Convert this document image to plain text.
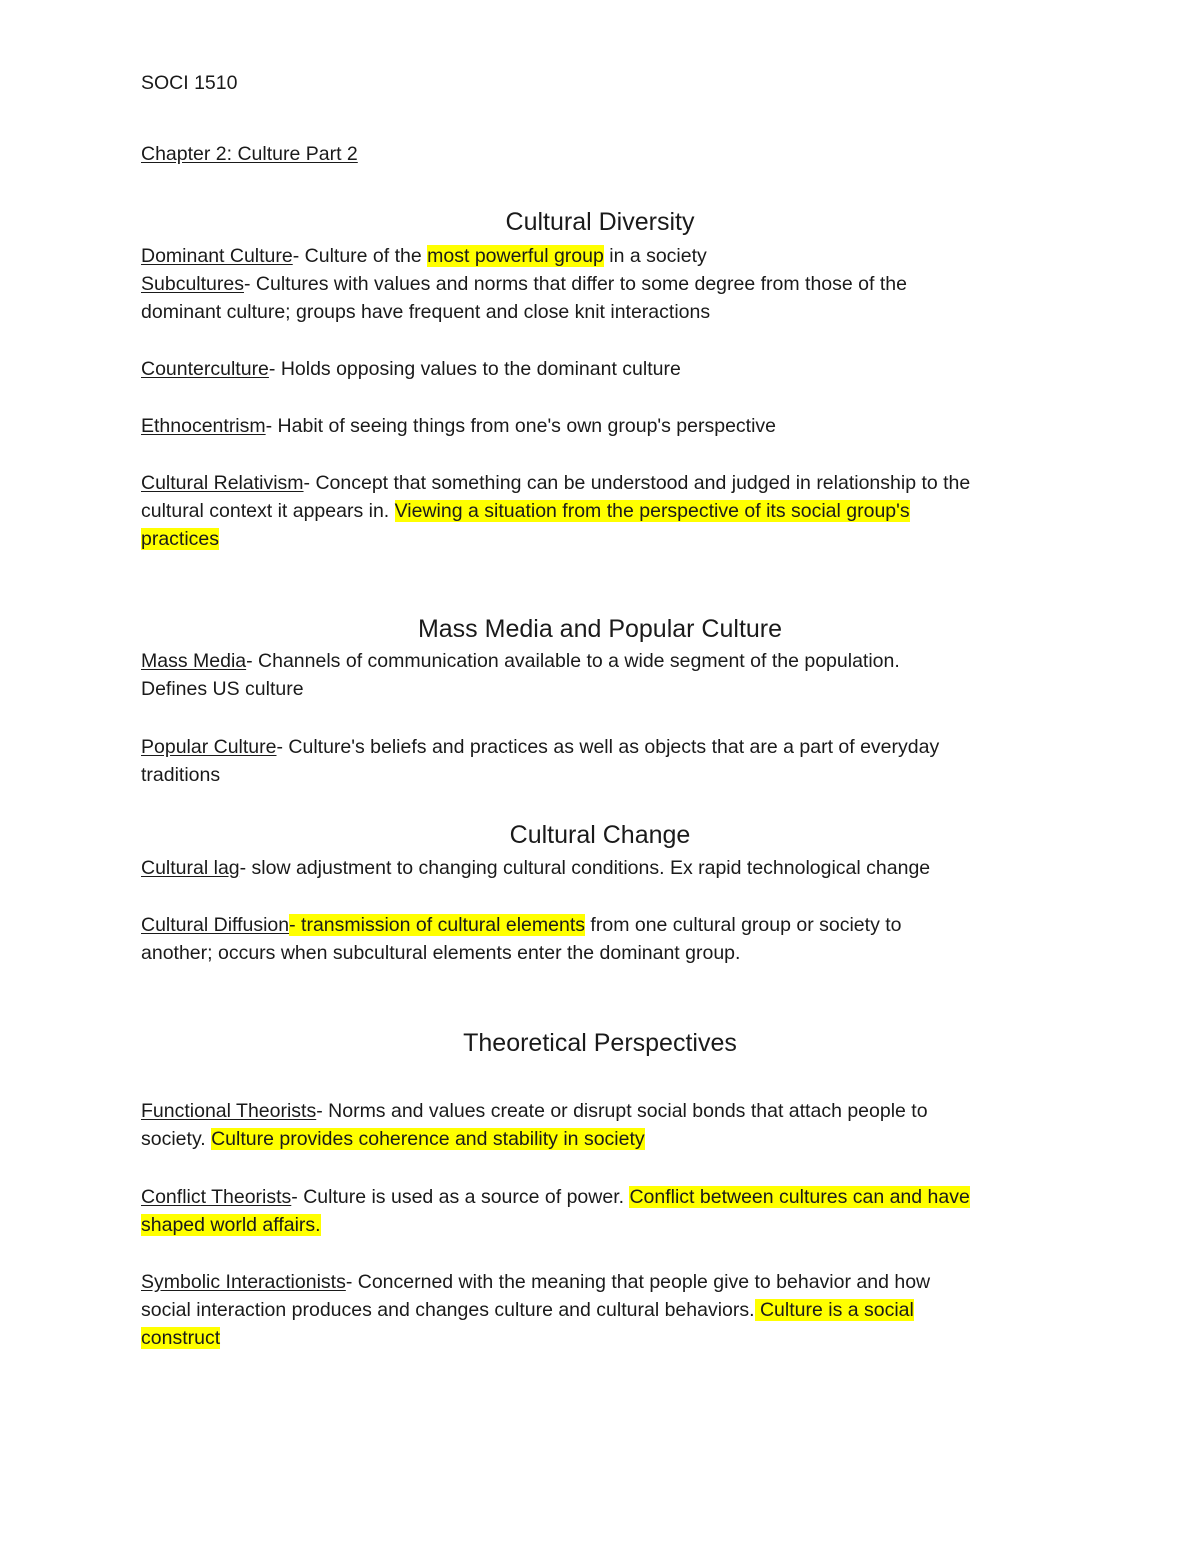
SOCI 1510
Chapter 2: Culture Part 2
Cultural Diversity
Dominant Culture- Culture of the most powerful group in a society
Subcultures- Cultures with values and norms that differ to some degree from those of the
dominant culture; groups have frequent and close knit interactions
Counterculture- Holds opposing values to the dominant culture
Ethnocentrism- Habit of seeing things from one's own group's perspective
Cultural Relativism- Concept that something can be understood and judged in relationship to the
cultural context it appears in. Viewing a situation from the perspective of its social group's
practices
Mass Media and Popular Culture
Mass Media- Channels of communication available to a wide segment of the population.
Defines US culture
Popular Culture- Culture's beliefs and practices as well as objects that are a part of everyday
traditions
Cultural Change
Cultural lag- slow adjustment to changing cultural conditions. Ex rapid technological change
Cultural Diffusion- transmission of cultural elements from one cultural group or society to
another; occurs when subcultural elements enter the dominant group.
Theoretical Perspectives
Functional Theorists- Norms and values create or disrupt social bonds that attach people to
society. Culture provides coherence and stability in society
Conflict Theorists- Culture is used as a source of power. Conflict between cultures can and have
shaped world affairs.
Symbolic Interactionists- Concerned with the meaning that people give to behavior and how
social interaction produces and changes culture and cultural behaviors. Culture is a social
construct
